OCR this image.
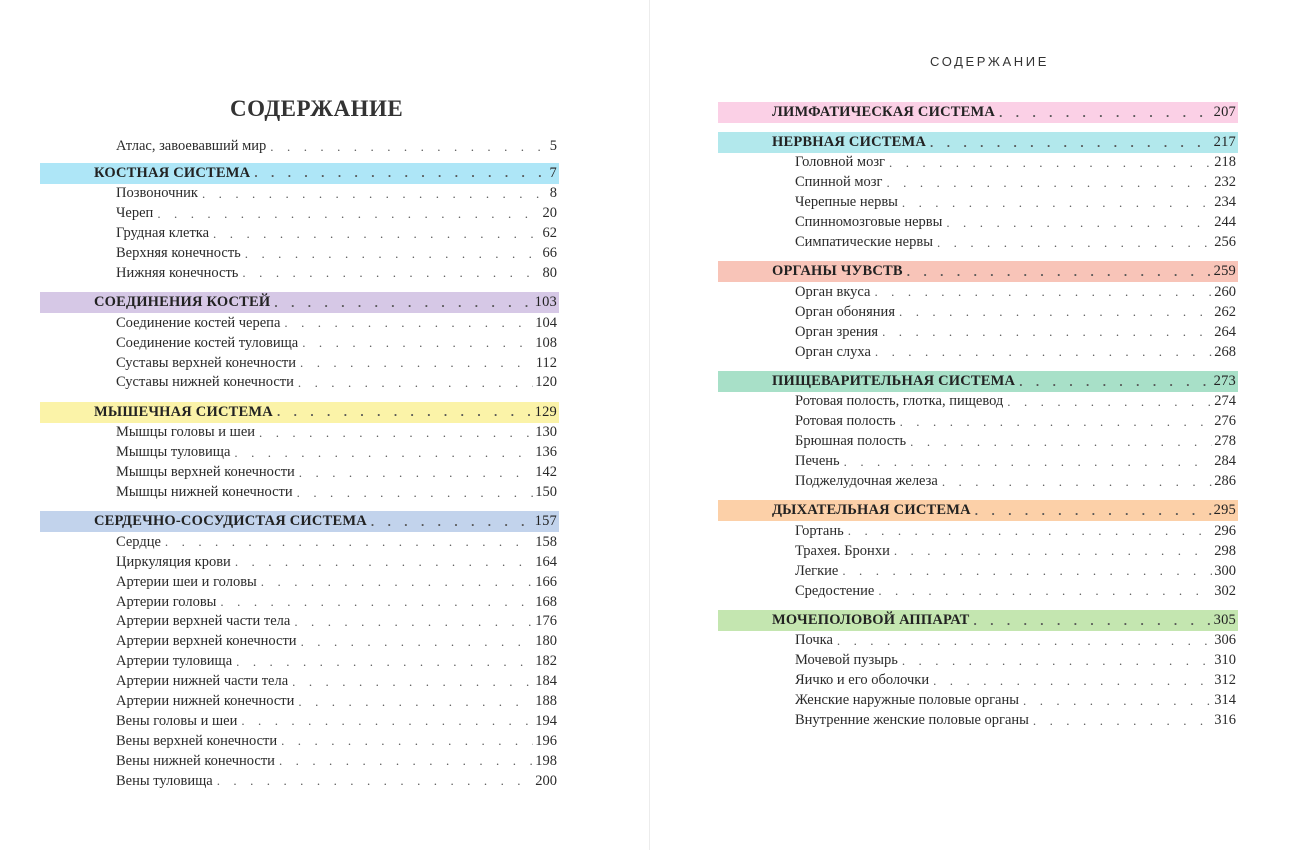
СОДЕРЖАНИЕ
Атлас, завоевавший мир . . .	5
КОСТНАЯ СИСТЕМА . . .	7
Позвоночник . . .	8
Череп . . .	20
Грудная клетка . . .	62
Верхняя конечность . . .	66
Нижняя конечность . . .	80
СОЕДИНЕНИЯ КОСТЕЙ . . .	103
Соединение костей черепа . . .	104
Соединение костей туловища . . .	108
Суставы верхней конечности . . .	112
Суставы нижней конечности . . .	120
МЫШЕЧНАЯ СИСТЕМА . . .	129
Мышцы головы и шеи . . .	130
Мышцы туловища . . .	136
Мышцы верхней конечности . . .	142
Мышцы нижней конечности . . .	150
СЕРДЕЧНО-СОСУДИСТАЯ СИСТЕМА . . .	157
Сердце . . .	158
Циркуляция крови . . .	164
Артерии шеи и головы . . .	166
Артерии головы . . .	168
Артерии верхней части тела . . .	176
Артерии верхней конечности . . .	180
Артерии туловища . . .	182
Артерии нижней части тела . . .	184
Артерии нижней конечности . . .	188
Вены головы и шеи . . .	194
Вены верхней конечности . . .	196
Вены нижней конечности . . .	198
Вены туловища . . .	200
СОДЕРЖАНИЕ
ЛИМФАТИЧЕСКАЯ СИСТЕМА . . .	207
НЕРВНАЯ СИСТЕМА . . .	217
Головной мозг . . .	218
Спинной мозг . . .	232
Черепные нервы . . .	234
Спинномозговые нервы . . .	244
Симпатические нервы . . .	256
ОРГАНЫ ЧУВСТВ . . .	259
Орган вкуса . . .	260
Орган обоняния . . .	262
Орган зрения . . .	264
Орган слуха . . .	268
ПИЩЕВАРИТЕЛЬНАЯ СИСТЕМА . . .	273
Ротовая полость, глотка, пищевод . . .	274
Ротовая полость . . .	276
Брюшная полость . . .	278
Печень . . .	284
Поджелудочная железа . . .	286
ДЫХАТЕЛЬНАЯ СИСТЕМА . . .	295
Гортань . . .	296
Трахея. Бронхи . . .	298
Легкие . . .	300
Средостение . . .	302
МОЧЕПОЛОВОЙ АППАРАТ . . .	305
Почка . . .	306
Мочевой пузырь . . .	310
Яичко и его оболочки . . .	312
Женские наружные половые органы . . .	314
Внутренние женские половые органы . . .	316
